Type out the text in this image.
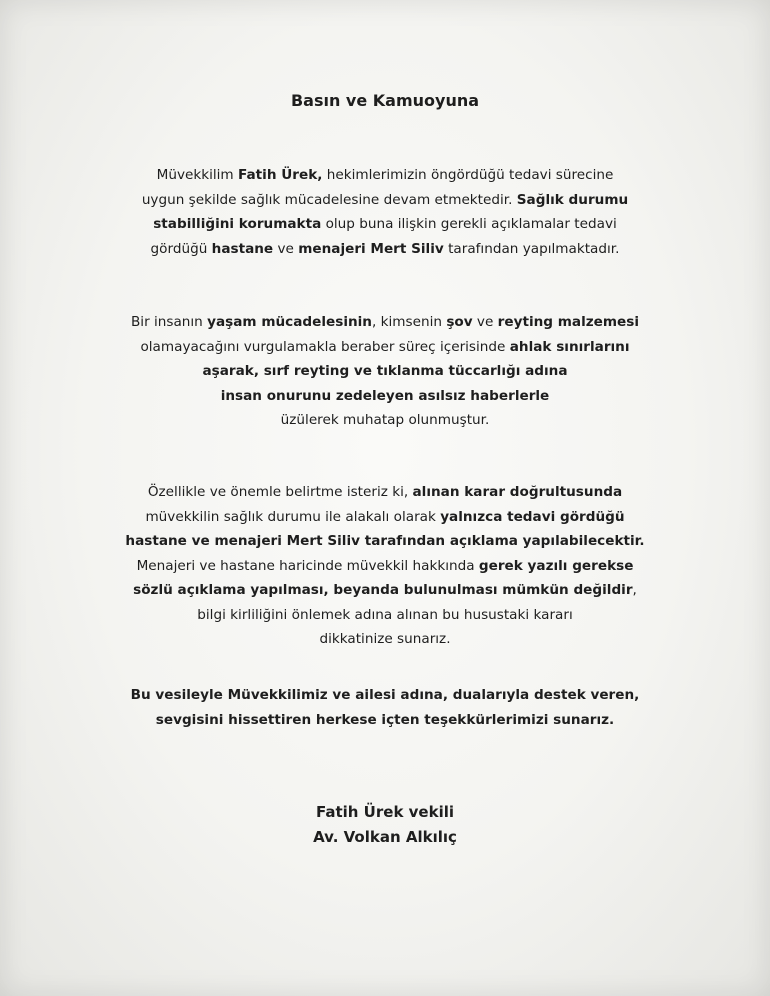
Basın ve Kamuoyuna
Müvekkilim Fatih Ürek, hekimlerimizin öngördüğü tedavi sürecine
uygun şekilde sağlık mücadelesine devam etmektedir. Sağlık durumu
stabilliğini korumakta olup buna ilişkin gerekli açıklamalar tedavi
gördüğü hastane ve menajeri Mert Siliv tarafından yapılmaktadır.
Bir insanın yaşam mücadelesinin, kimsenin şov ve reyting malzemesi
olamayacağını vurgulamakla beraber süreç içerisinde ahlak sınırlarını
aşarak, sırf reyting ve tıklanma tüccarlığı adına
insan onurunu zedeleyen asılsız haberlerle
üzülerek muhatap olunmuştur.
Özellikle ve önemle belirtme isteriz ki, alınan karar doğrultusunda
müvekkilin sağlık durumu ile alakalı olarak yalnızca tedavi gördüğü
hastane ve menajeri Mert Siliv tarafından açıklama yapılabilecektir.
Menajeri ve hastane haricinde müvekkil hakkında gerek yazılı gerekse
sözlü açıklama yapılması, beyanda bulunulması mümkün değildir,
bilgi kirliliğini önlemek adına alınan bu husustaki kararı
dikkatinize sunarız.
Bu vesileyle Müvekkilimiz ve ailesi adına, dualarıyla destek veren,
sevgisini hissettiren herkese içten teşekkürlerimizi sunarız.
Fatih Ürek vekili
Av. Volkan Alkılıç
